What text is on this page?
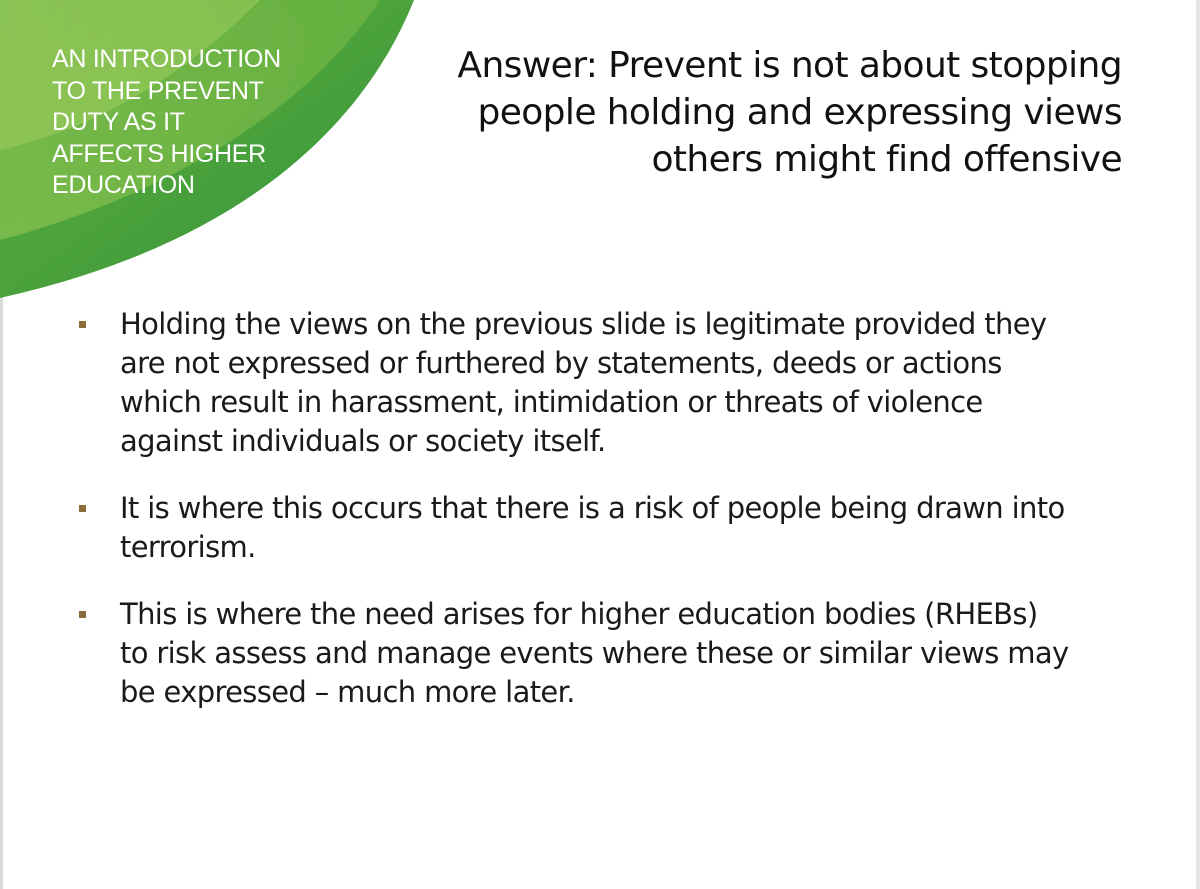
AN INTRODUCTION
TO THE PREVENT
DUTY AS IT
AFFECTS HIGHER
EDUCATION
Answer: Prevent is not about stopping
people holding and expressing views
others might find offensive
Holding the views on the previous slide is legitimate provided they
are not expressed or furthered by statements, deeds or actions
which result in harassment, intimidation or threats of violence
against individuals or society itself.
It is where this occurs that there is a risk of people being drawn into
terrorism.
This is where the need arises for higher education bodies (RHEBs)
to risk assess and manage events where these or similar views may
be expressed – much more later.
